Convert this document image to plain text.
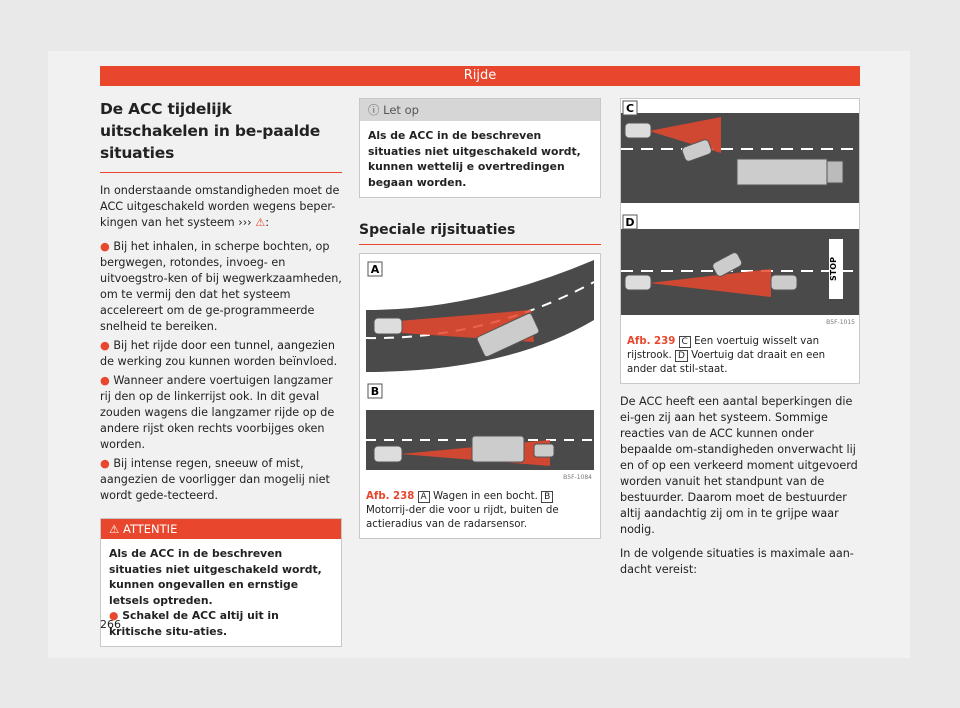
Rijde
De ACC tijdelijk uitschakelen in be-paalde situaties

In onderstaande omstandigheden moet de ACC uitgeschakeld worden wegens beper-kingen van het systeem ››› ⚠:

● Bij het inhalen, in scherpe bochten, op bergwegen, rotondes, invoeg- en uitvoegstro-ken of bij wegwerkzaamheden, om te vermij den dat het systeem accelereert om de ge-programmeerde snelheid te bereiken.
● Bij het rijde door een tunnel, aangezien de werking zou kunnen worden beïnvloed.
● Wanneer andere voertuigen langzamer rij den op de linkerrijst ook. In dit geval zouden wagens die langzamer rijde op de andere rijst oken rechts voorbijges oken worden.
● Bij intense regen, sneeuw of mist, aangezien de voorligger dan mogelij niet wordt gede-tecteerd.
⚠ ATTENTIE
Als de ACC in de beschreven situaties niet uitgeschakeld wordt, kunnen ongevallen en ernstige letsels optreden.
● Schakel de ACC altij uit in kritische situ-aties.
266
ⓘ Let op
Als de ACC in de beschreven situaties niet uitgeschakeld wordt, kunnen wettelij e overtredingen begaan worden.
Speciale rijsituaties
A
B
B5F-1084
Afb. 238 A Wagen in een bocht. B Motorrij-der die voor u rijdt, buiten de actieradius van de radarsensor.
C
STOP
D
B5F-1015
Afb. 239 C Een voertuig wisselt van rijstrook. D Voertuig dat draait en een ander dat stil-staat.

De ACC heeft een aantal beperkingen die ei-gen zij aan het systeem. Sommige reacties van de ACC kunnen onder bepaalde om-standigheden onverwacht lij en of op een verkeerd moment uitgevoerd worden vanuit het standpunt van de bestuurder. Daarom moet de bestuurder altij aandachtig zij om in te grijpe waar nodig.

In de volgende situaties is maximale aan-dacht vereist:
